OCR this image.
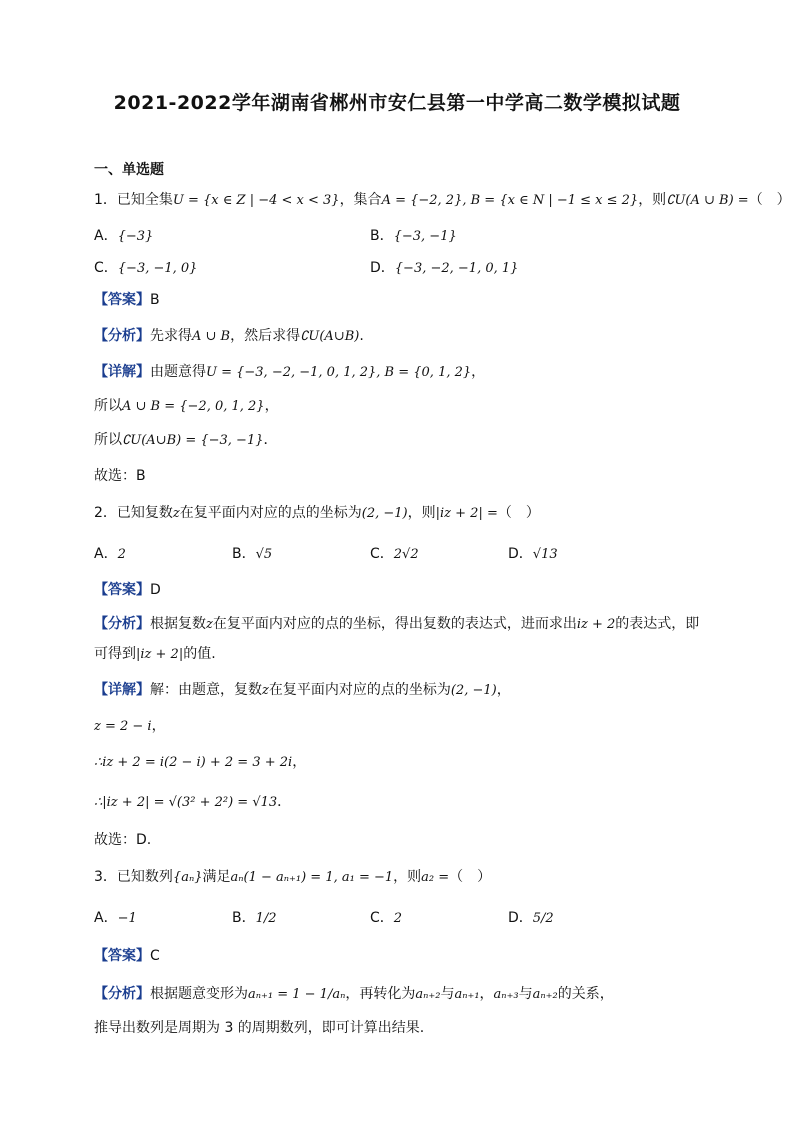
2021-2022学年湖南省郴州市安仁县第一中学高二数学模拟试题
一、单选题
1．已知全集U = {x ∈ Z | −4 < x < 3}，集合A = {−2, 2}, B = {x ∈ N | −1 ≤ x ≤ 2}，则∁U(A ∪ B) =（　）
A．{−3}	B．{−3, −1}
C．{−3, −1, 0}	D．{−3, −2, −1, 0, 1}
【答案】B
【分析】先求得A ∪ B，然后求得∁U(A∪B).
【详解】由题意得U = {−3, −2, −1, 0, 1, 2}, B = {0, 1, 2}，
所以A ∪ B = {−2, 0, 1, 2}，
所以∁U(A∪B) = {−3, −1}．
故选：B
2．已知复数z在复平面内对应的点的坐标为(2, −1)，则|iz + 2| =（　）
A．2	B．√5	C．2√2	D．√13
【答案】D
【分析】根据复数z在复平面内对应的点的坐标，得出复数的表达式，进而求出iz + 2的表达式，即
可得到|iz + 2|的值.
【详解】解：由题意，复数z在复平面内对应的点的坐标为(2, −1)，
z = 2 − i，
∴iz + 2 = i(2 − i) + 2 = 3 + 2i，
∴|iz + 2| = √(3² + 2²) = √13．
故选：D.
3．已知数列{aₙ}满足aₙ(1 − aₙ₊₁) = 1, a₁ = −1，则a₂ =（　）
A．−1	B．1/2	C．2	D．5/2
【答案】C
【分析】根据题意变形为aₙ₊₁ = 1 − 1/aₙ，再转化为aₙ₊₂与aₙ₊₁，aₙ₊₃与aₙ₊₂的关系，
推导出数列是周期为 3 的周期数列，即可计算出结果.
